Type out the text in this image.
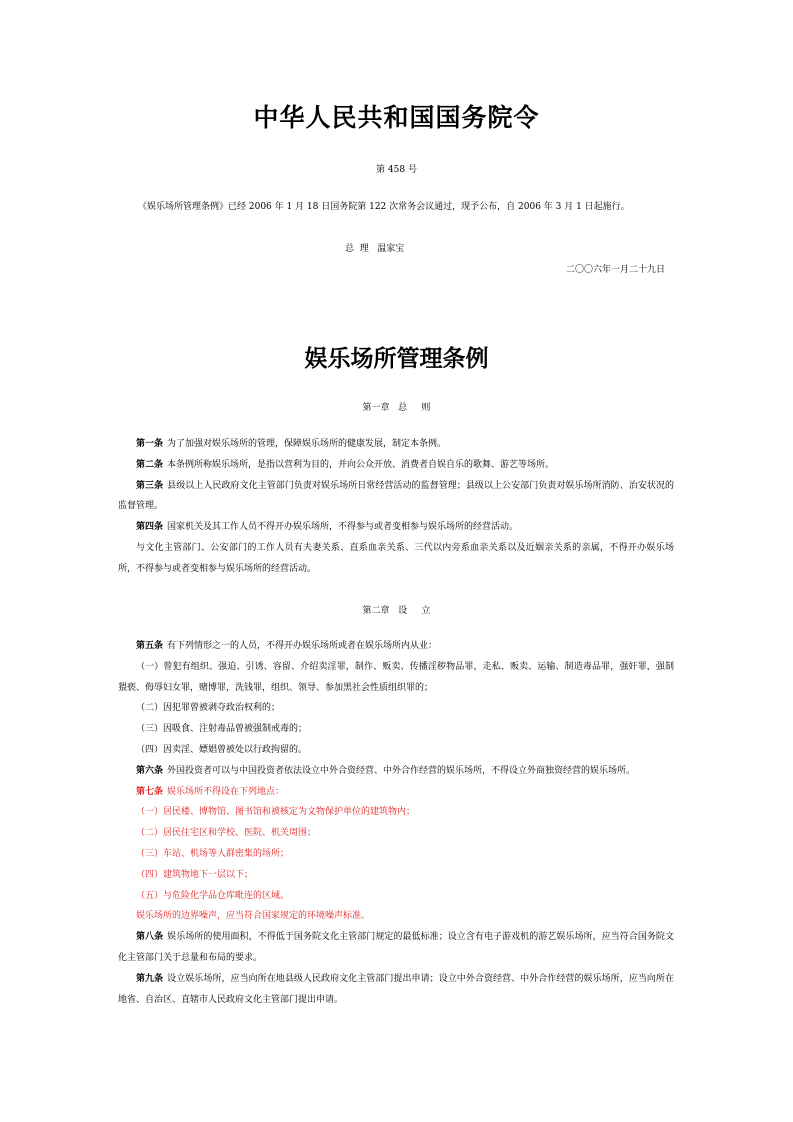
中华人民共和国国务院令
第 458 号
《娱乐场所管理条例》已经 2006 年 1 月 18 日国务院第 122 次常务会议通过，现予公布，自 2006 年 3 月 1 日起施行。
总  理   温家宝
二〇〇六年一月二十九日
娱乐场所管理条例
第一章   总     则

第一条 为了加强对娱乐场所的管理，保障娱乐场所的健康发展，制定本条例。

第二条 本条例所称娱乐场所，是指以营利为目的，并向公众开放、消费者自娱自乐的歌舞、游艺等场所。

第三条 县级以上人民政府文化主管部门负责对娱乐场所日常经营活动的监督管理；县级以上公安部门负责对娱乐场所消防、治安状况的监督管理。

第四条 国家机关及其工作人员不得开办娱乐场所，不得参与或者变相参与娱乐场所的经营活动。

与文化主管部门、公安部门的工作人员有夫妻关系、直系血亲关系、三代以内旁系血亲关系以及近姻亲关系的亲属，不得开办娱乐场所，不得参与或者变相参与娱乐场所的经营活动。

第二章   设     立

第五条 有下列情形之一的人员，不得开办娱乐场所或者在娱乐场所内从业：

（一）曾犯有组织、强迫、引诱、容留、介绍卖淫罪，制作、贩卖、传播淫秽物品罪，走私、贩卖、运输、制造毒品罪，强奸罪，强制猥亵、侮辱妇女罪，赌博罪，洗钱罪，组织、领导、参加黑社会性质组织罪的；

（二）因犯罪曾被剥夺政治权利的；

（三）因吸食、注射毒品曾被强制戒毒的；

（四）因卖淫、嫖娼曾被处以行政拘留的。

第六条 外国投资者可以与中国投资者依法设立中外合资经营、中外合作经营的娱乐场所，不得设立外商独资经营的娱乐场所。

第七条 娱乐场所不得设在下列地点：

（一）居民楼、博物馆、图书馆和被核定为文物保护单位的建筑物内；

（二）居民住宅区和学校、医院、机关周围；

（三）车站、机场等人群密集的场所；

（四）建筑物地下一层以下；

（五）与危险化学品仓库毗连的区域。

娱乐场所的边界噪声，应当符合国家规定的环境噪声标准。

第八条 娱乐场所的使用面积，不得低于国务院文化主管部门规定的最低标准；设立含有电子游戏机的游艺娱乐场所，应当符合国务院文化主管部门关于总量和布局的要求。

第九条 设立娱乐场所，应当向所在地县级人民政府文化主管部门提出申请；设立中外合资经营、中外合作经营的娱乐场所，应当向所在地省、自治区、直辖市人民政府文化主管部门提出申请。
